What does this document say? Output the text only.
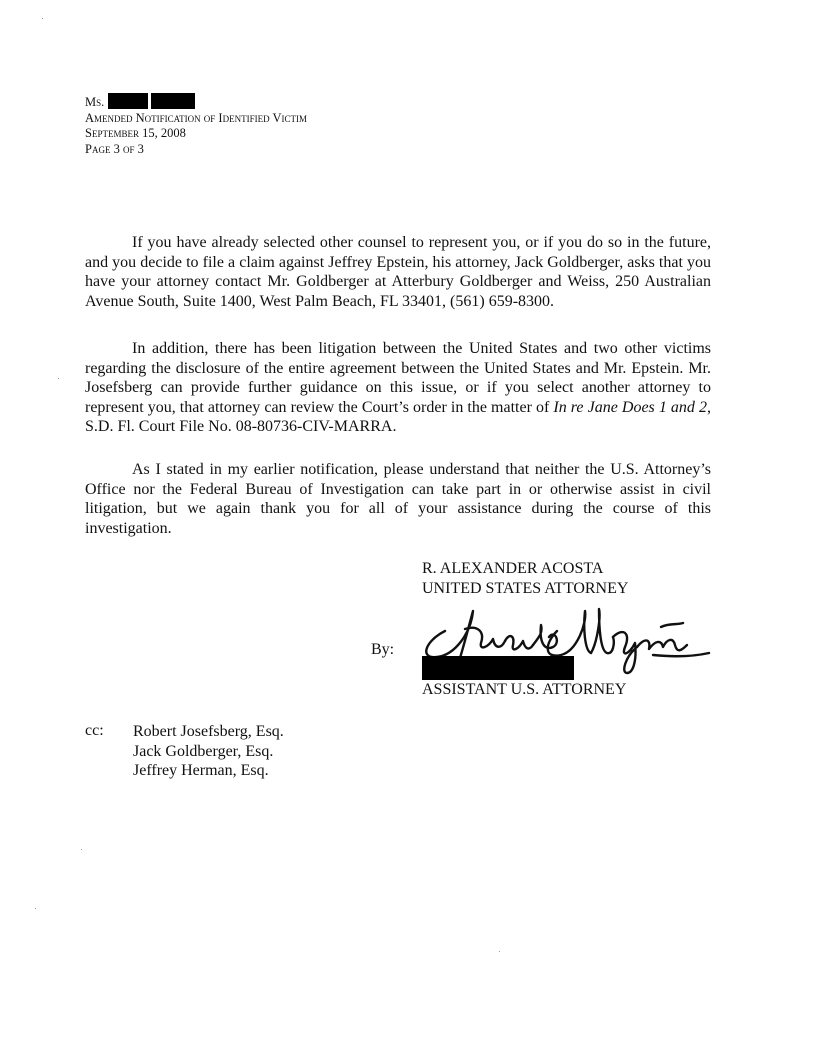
Ms.
Amended Notification of Identified Victim
September 15, 2008
Page 3 of 3

If you have already selected other counsel to represent you, or if you do so in the future, and you decide to file a claim against Jeffrey Epstein, his attorney, Jack Goldberger, asks that you have your attorney contact Mr. Goldberger at Atterbury Goldberger and Weiss, 250 Australian Avenue South, Suite 1400, West Palm Beach, FL 33401, (561) 659-8300.

In addition, there has been litigation between the United States and two other victims regarding the disclosure of the entire agreement between the United States and Mr. Epstein. Mr. Josefsberg can provide further guidance on this issue, or if you select another attorney to represent you, that attorney can review the Court’s order in the matter of In re Jane Does 1 and 2, S.D. Fl. Court File No. 08-80736-CIV-MARRA.

As I stated in my earlier notification, please understand that neither the U.S. Attorney’s Office nor the Federal Bureau of Investigation can take part in or otherwise assist in civil litigation, but we again thank you for all of your assistance during the course of this investigation.

R. ALEXANDER ACOSTA
UNITED STATES ATTORNEY
By:
ASSISTANT U.S. ATTORNEY
cc: Robert Josefsberg, Esq.
Jack Goldberger, Esq.
Jeffrey Herman, Esq.
